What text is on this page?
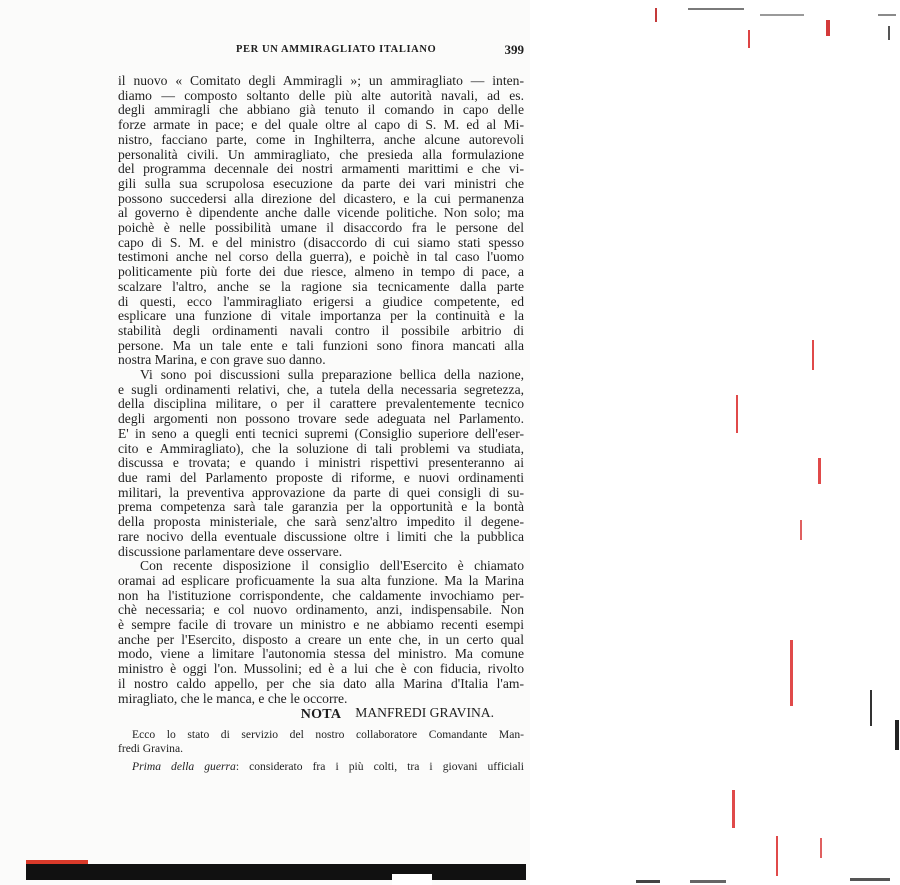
PER UN AMMIRAGLIATO ITALIANO	399
il nuovo « Comitato degli Ammiragli »; un ammiragliato — inten-
diamo — composto soltanto delle più alte autorità navali, ad es.
degli ammiragli che abbiano già tenuto il comando in capo delle
forze armate in pace; e del quale oltre al capo di S. M. ed al Mi-
nistro, facciano parte, come in Inghilterra, anche alcune autorevoli
personalità civili. Un ammiragliato, che presieda alla formulazione
del programma decennale dei nostri armamenti marittimi e che vi-
gili sulla sua scrupolosa esecuzione da parte dei vari ministri che
possono succedersi alla direzione del dicastero, e la cui permanenza
al governo è dipendente anche dalle vicende politiche. Non solo; ma
poichè è nelle possibilità umane il disaccordo fra le persone del
capo di S. M. e del ministro (disaccordo di cui siamo stati spesso
testimoni anche nel corso della guerra), e poichè in tal caso l'uomo
politicamente più forte dei due riesce, almeno in tempo di pace, a
scalzare l'altro, anche se la ragione sia tecnicamente dalla parte
di questi, ecco l'ammiragliato erigersi a giudice competente, ed
esplicare una funzione di vitale importanza per la continuità e la
stabilità degli ordinamenti navali contro il possibile arbitrio di
persone. Ma un tale ente e tali funzioni sono finora mancati alla
nostra Marina, e con grave suo danno.
Vi sono poi discussioni sulla preparazione bellica della nazione,
e sugli ordinamenti relativi, che, a tutela della necessaria segretezza,
della disciplina militare, o per il carattere prevalentemente tecnico
degli argomenti non possono trovare sede adeguata nel Parlamento.
E' in seno a quegli enti tecnici supremi (Consiglio superiore dell'eser-
cito e Ammiragliato), che la soluzione di tali problemi va studiata,
discussa e trovata; e quando i ministri rispettivi presenteranno ai
due rami del Parlamento proposte di riforme, e nuovi ordinamenti
militari, la preventiva approvazione da parte di quei consigli di su-
prema competenza sarà tale garanzia per la opportunità e la bontà
della proposta ministeriale, che sarà senz'altro impedito il degene-
rare nocivo della eventuale discussione oltre i limiti che la pubblica
discussione parlamentare deve osservare.
Con recente disposizione il consiglio dell'Esercito è chiamato
oramai ad esplicare proficuamente la sua alta funzione. Ma la Marina
non ha l'istituzione corrispondente, che caldamente invochiamo per-
chè necessaria; e col nuovo ordinamento, anzi, indispensabile. Non
è sempre facile di trovare un ministro e ne abbiamo recenti esempi
anche per l'Esercito, disposto a creare un ente che, in un certo qual
modo, viene a limitare l'autonomia stessa del ministro. Ma comune
ministro è oggi l'on. Mussolini; ed è a lui che è con fiducia, rivolto
il nostro caldo appello, per che sia dato alla Marina d'Italia l'am-
miragliato, che le manca, e che le occorre.
MANFREDI GRAVINA.
NOTA
Ecco lo stato di servizio del nostro collaboratore Comandante Man-
fredi Gravina.
Prima della guerra: considerato fra i più colti, tra i giovani ufficiali
